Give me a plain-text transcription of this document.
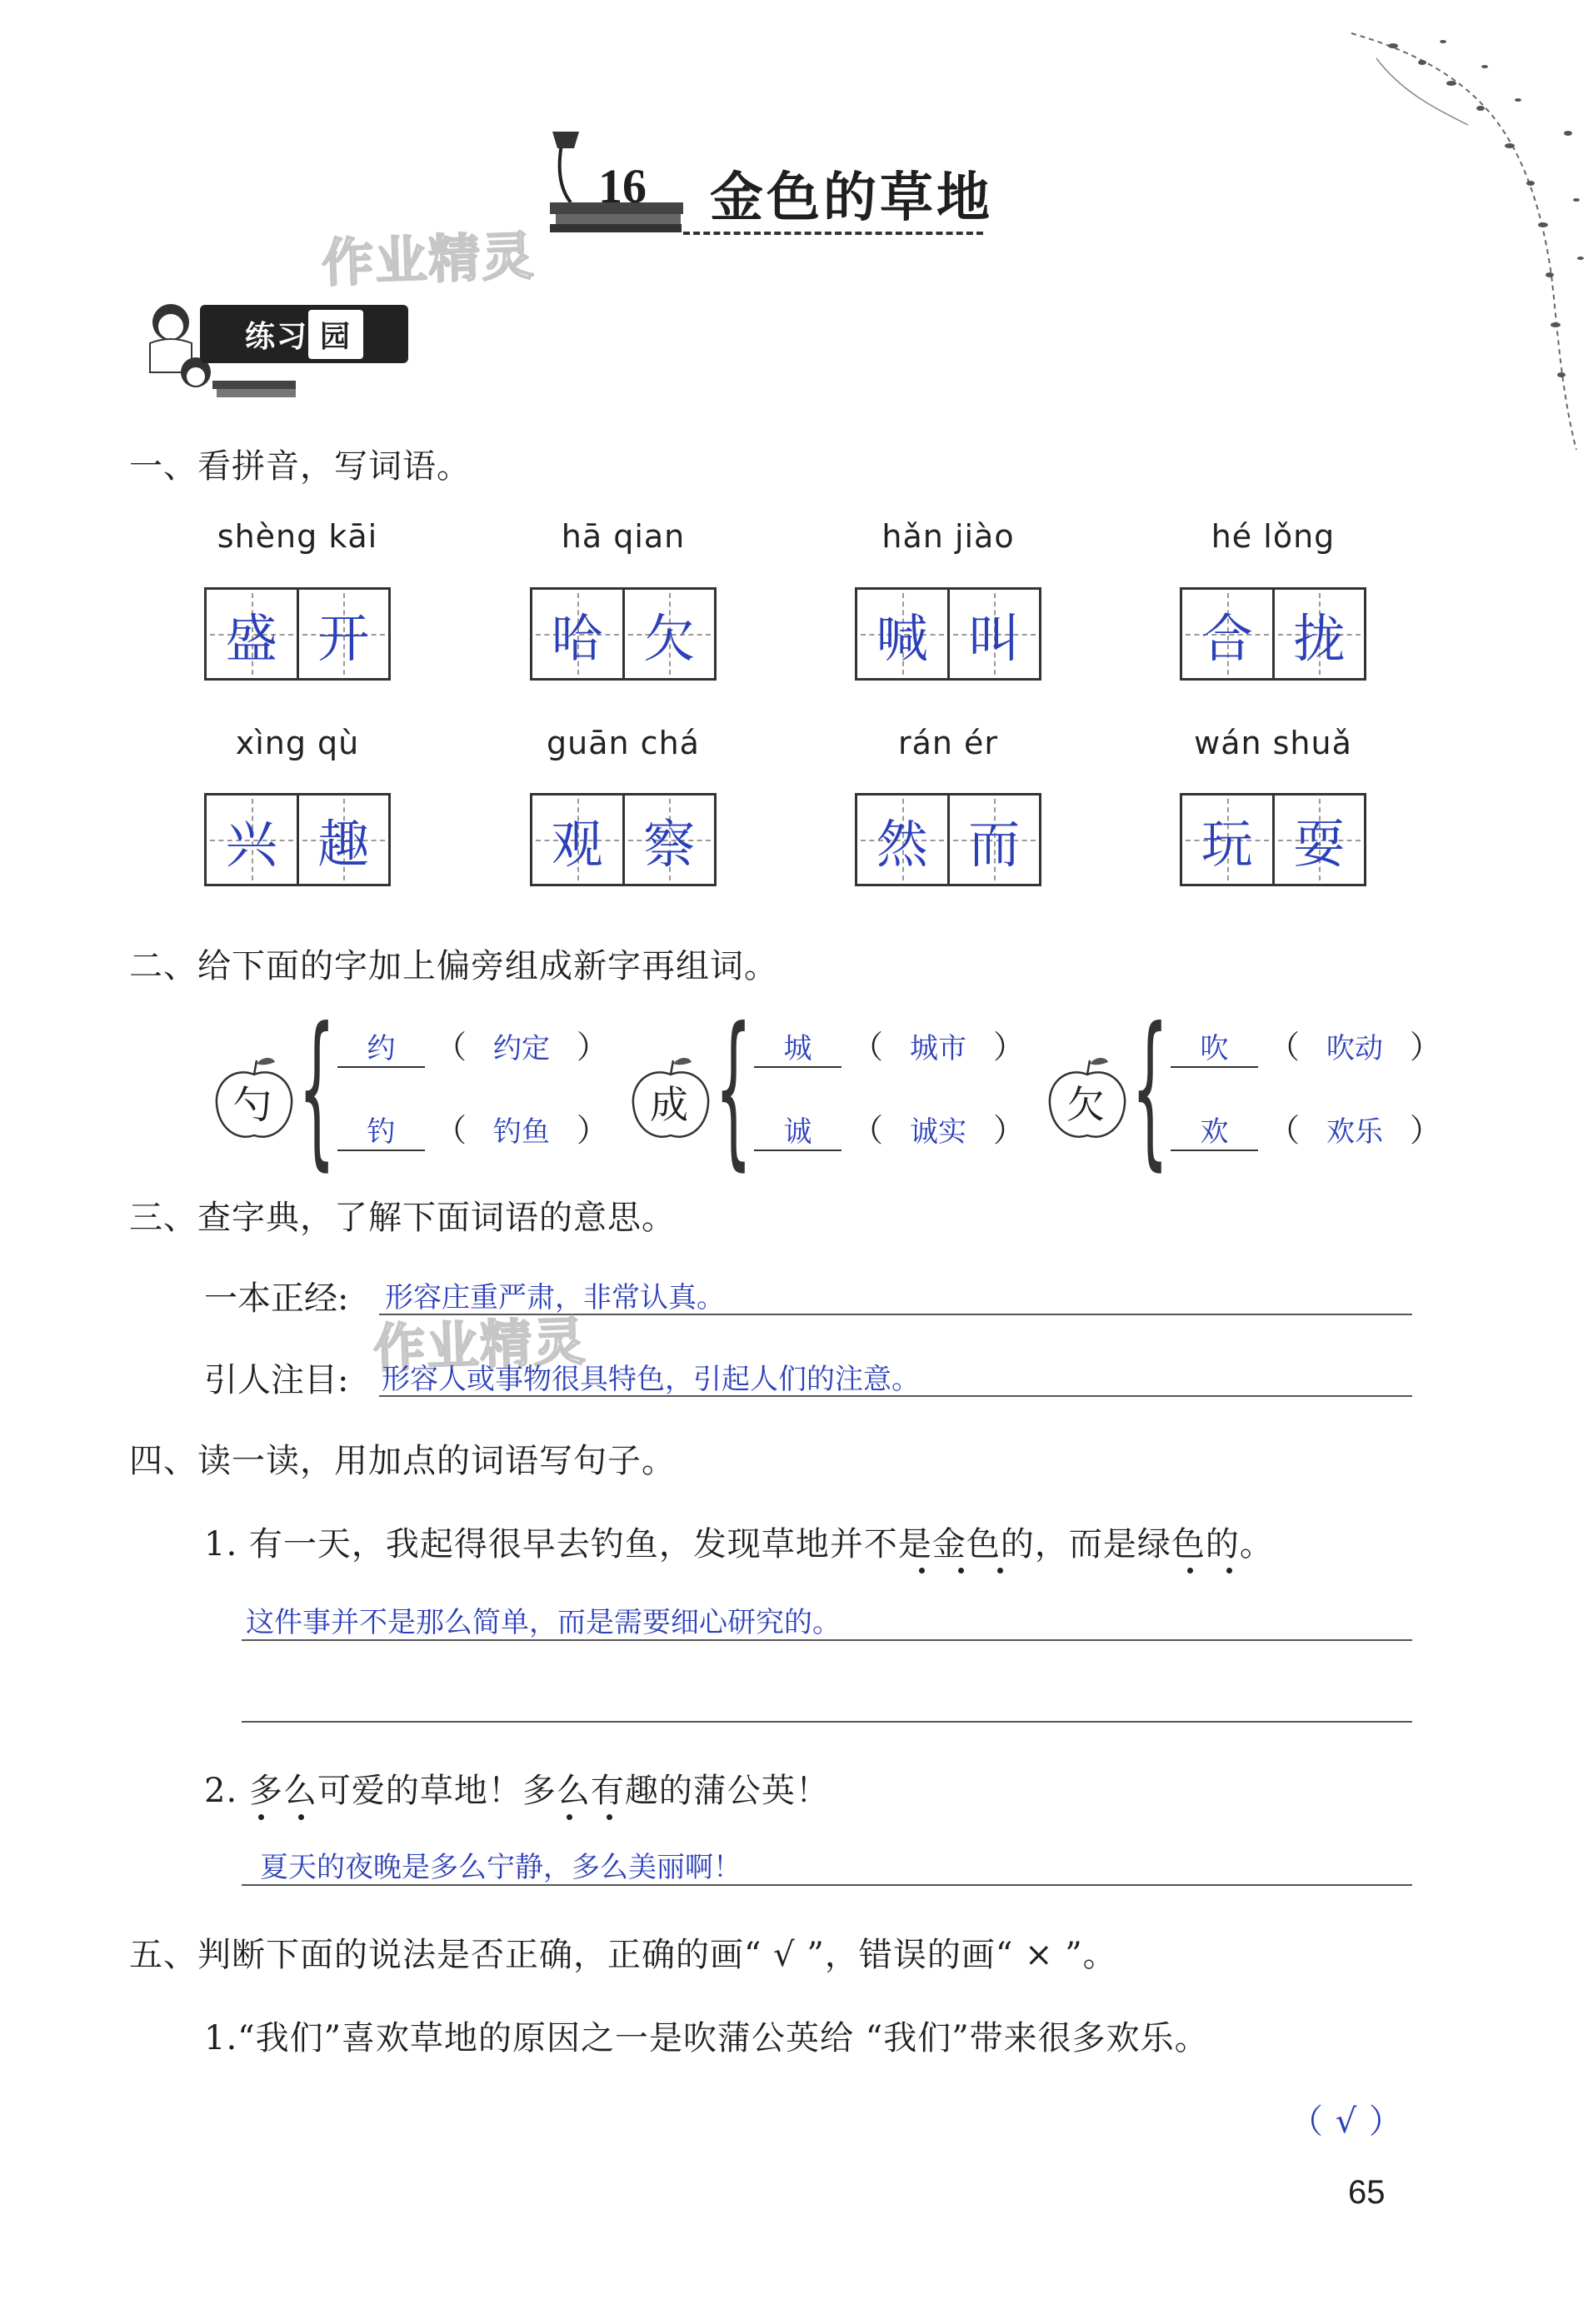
16 金色的草地
作业精灵
练习 园
一、看拼音，写词语。
shèng kāi
盛 开
hā qian
哈 欠
hǎn jiào
喊 叫
hé lǒng
合 拢
xìng qù
兴 趣
guān chá
观 察
rán ér
然 而
wán shuǎ
玩 耍
二、给下面的字加上偏旁组成新字再组词。
勺 {	约	（ 约定 ）
钓	（ 钓鱼 ）
成 {	城	（ 城市 ）
诚	（ 诚实 ）
欠 {	吹	（ 吹动 ）
欢	（ 欢乐 ）
三、查字典，了解下面词语的意思。
一本正经: 形容庄重严肃，非常认真。
作业精灵
引人注目: 形容人或事物很具特色，引起人们的注意。
四、读一读，用加点的词语写句子。
1. 有一天，我起得很早去钓鱼，发现草地并不是金色的，而是绿色的。
这件事并不是那么简单，而是需要细心研究的。
2. 多么可爱的草地！多么有趣的蒲公英！
夏天的夜晚是多么宁静，多么美丽啊！
五、判断下面的说法是否正确，正确的画“ √ ”，错误的画“ × ”。
1.“我们”喜欢草地的原因之一是吹蒲公英给 “我们”带来很多欢乐。
（ √ ）
65
